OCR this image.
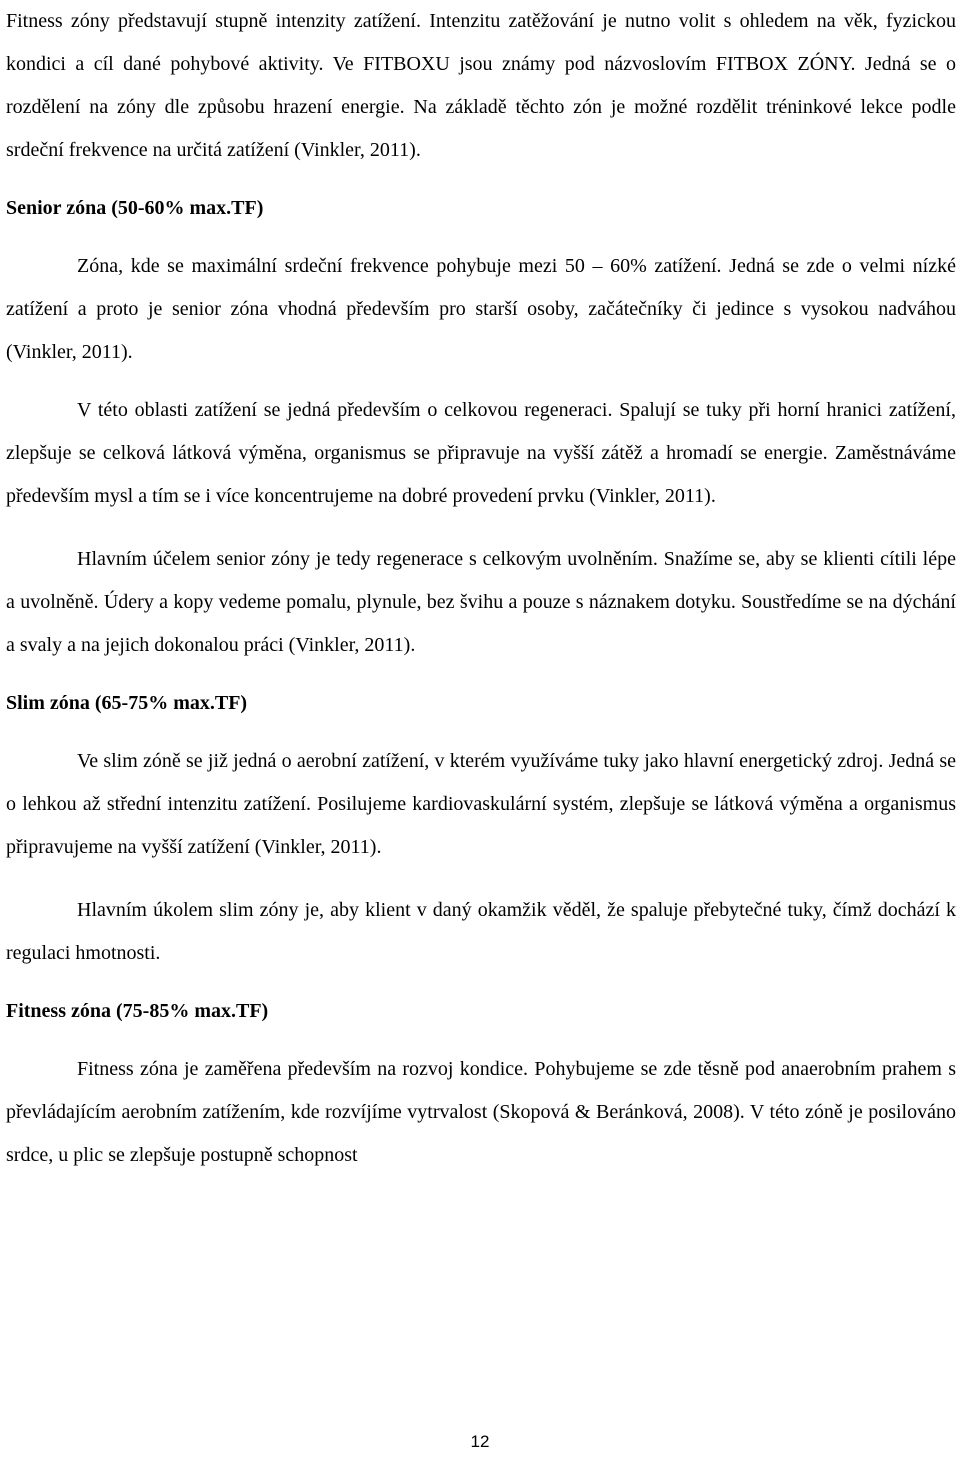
Fitness zóny představují stupně intenzity zatížení. Intenzitu zatěžování je nutno volit s ohledem na věk, fyzickou kondici a cíl dané pohybové aktivity. Ve FITBOXU jsou známy pod názvoslovím FITBOX ZÓNY. Jedná se o rozdělení na zóny dle způsobu hrazení energie. Na základě těchto zón je možné rozdělit tréninkové lekce podle srdeční frekvence na určitá zatížení (Vinkler, 2011).

Senior zóna (50-60% max.TF)

Zóna, kde se maximální srdeční frekvence pohybuje mezi 50 – 60% zatížení. Jedná se zde o velmi nízké zatížení a proto je senior zóna vhodná především pro starší osoby, začátečníky či jedince s vysokou nadváhou (Vinkler, 2011).

V této oblasti zatížení se jedná především o celkovou regeneraci. Spalují se tuky při horní hranici zatížení, zlepšuje se celková látková výměna, organismus se připravuje na vyšší zátěž a hromadí se energie. Zaměstnáváme především mysl a tím se i více koncentrujeme na dobré provedení prvku (Vinkler, 2011).

Hlavním účelem senior zóny je tedy regenerace s celkovým uvolněním. Snažíme se, aby se klienti cítili lépe a uvolněně. Údery a kopy vedeme pomalu, plynule, bez švihu a pouze s náznakem dotyku. Soustředíme se na dýchání a svaly a na jejich dokonalou práci (Vinkler, 2011).

Slim zóna (65-75% max.TF)

Ve slim zóně se již jedná o aerobní zatížení, v kterém využíváme tuky jako hlavní energetický zdroj. Jedná se o lehkou až střední intenzitu zatížení. Posilujeme kardiovaskulární systém, zlepšuje se látková výměna a organismus připravujeme na vyšší zatížení (Vinkler, 2011).

Hlavním úkolem slim zóny je, aby klient v daný okamžik věděl, že spaluje přebytečné tuky, čímž dochází k regulaci hmotnosti.

Fitness zóna (75-85% max.TF)

Fitness zóna je zaměřena především na rozvoj kondice. Pohybujeme se zde těsně pod anaerobním prahem s převládajícím aerobním zatížením, kde rozvíjíme vytrvalost (Skopová & Beránková, 2008). V této zóně je posilováno srdce, u plic se zlepšuje postupně schopnost

12
